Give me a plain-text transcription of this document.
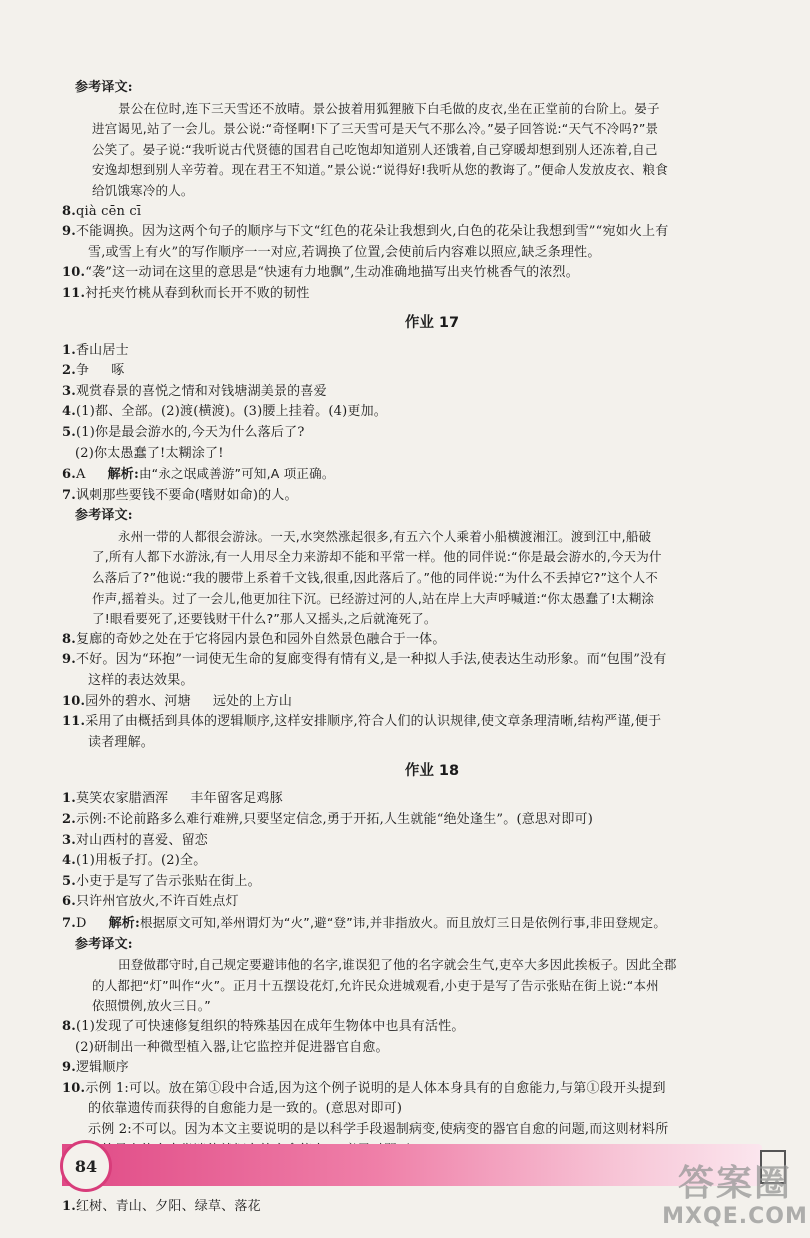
参考译文:
景公在位时,连下三天雪还不放晴。景公披着用狐狸腋下白毛做的皮衣,坐在正堂前的台阶上。晏子
进宫谒见,站了一会儿。景公说:“奇怪啊!下了三天雪可是天气不那么冷。”晏子回答说:“天气不冷吗?”景
公笑了。晏子说:“我听说古代贤德的国君自己吃饱却知道别人还饿着,自己穿暖却想到别人还冻着,自己
安逸却想到别人辛劳着。现在君王不知道。”景公说:“说得好!我听从您的教诲了。”便命人发放皮衣、粮食
给饥饿寒冷的人。
8.qià cēn cī
9.不能调换。因为这两个句子的顺序与下文“红色的花朵让我想到火,白色的花朵让我想到雪”“宛如火上有
雪,或雪上有火”的写作顺序一一对应,若调换了位置,会使前后内容难以照应,缺乏条理性。
10.“袭”这一动词在这里的意思是“快速有力地飘”,生动准确地描写出夹竹桃香气的浓烈。
11.衬托夹竹桃从春到秋而长开不败的韧性
作业 17
1.香山居士
2.争 啄
3.观赏春景的喜悦之情和对钱塘湖美景的喜爱
4.(1)都、全部。(2)渡(横渡)。(3)腰上挂着。(4)更加。
5.(1)你是最会游水的,今天为什么落后了?
(2)你太愚蠢了!太糊涂了!
6.A 解析:由“永之氓咸善游”可知,A 项正确。
7.讽刺那些要钱不要命(嗜财如命)的人。
参考译文:
永州一带的人都很会游泳。一天,水突然涨起很多,有五六个人乘着小船横渡湘江。渡到江中,船破
了,所有人都下水游泳,有一人用尽全力来游却不能和平常一样。他的同伴说:“你是最会游水的,今天为什
么落后了?”他说:“我的腰带上系着千文钱,很重,因此落后了。”他的同伴说:“为什么不丢掉它?”这个人不
作声,摇着头。过了一会儿,他更加往下沉。已经游过河的人,站在岸上大声呼喊道:“你太愚蠢了!太糊涂
了!眼看要死了,还要钱财干什么?”那人又摇头,之后就淹死了。
8.复廊的奇妙之处在于它将园内景色和园外自然景色融合于一体。
9.不好。因为“环抱”一词使无生命的复廊变得有情有义,是一种拟人手法,使表达生动形象。而“包围”没有
这样的表达效果。
10.园外的碧水、河塘 远处的上方山
11.采用了由概括到具体的逻辑顺序,这样安排顺序,符合人们的认识规律,使文章条理清晰,结构严谨,便于
读者理解。
作业 18
1.莫笑农家腊酒浑 丰年留客足鸡豚
2.示例:不论前路多么难行难辨,只要坚定信念,勇于开拓,人生就能“绝处逢生”。(意思对即可)
3.对山西村的喜爱、留恋
4.(1)用板子打。(2)全。
5.小吏于是写了告示张贴在街上。
6.只许州官放火,不许百姓点灯
7.D 解析:根据原文可知,举州谓灯为“火”,避“登”讳,并非指放火。而且放灯三日是依例行事,非田登规定。
参考译文:
田登做郡守时,自己规定要避讳他的名字,谁误犯了他的名字就会生气,吏卒大多因此挨板子。因此全郡
的人都把“灯”叫作“火”。正月十五摆设花灯,允许民众进城观看,小吏于是写了告示张贴在街上说:“本州
依照惯例,放火三日。”
8.(1)发现了可快速修复组织的特殊基因在成年生物体中也具有活性。
(2)研制出一种微型植入器,让它监控并促进器官自愈。
9.逻辑顺序
10.示例 1:可以。放在第①段中合适,因为这个例子说明的是人体本身具有的自愈能力,与第①段开头提到
的依靠遗传而获得的自愈能力是一致的。(意思对即可)
示例 2:不可以。因为本文主要说明的是以科学手段遏制病变,使病变的器官自愈的问题,而这则材料所
1.红树、青山、夕阳、绿草、落花
84	答案圈
MXQE.COM
